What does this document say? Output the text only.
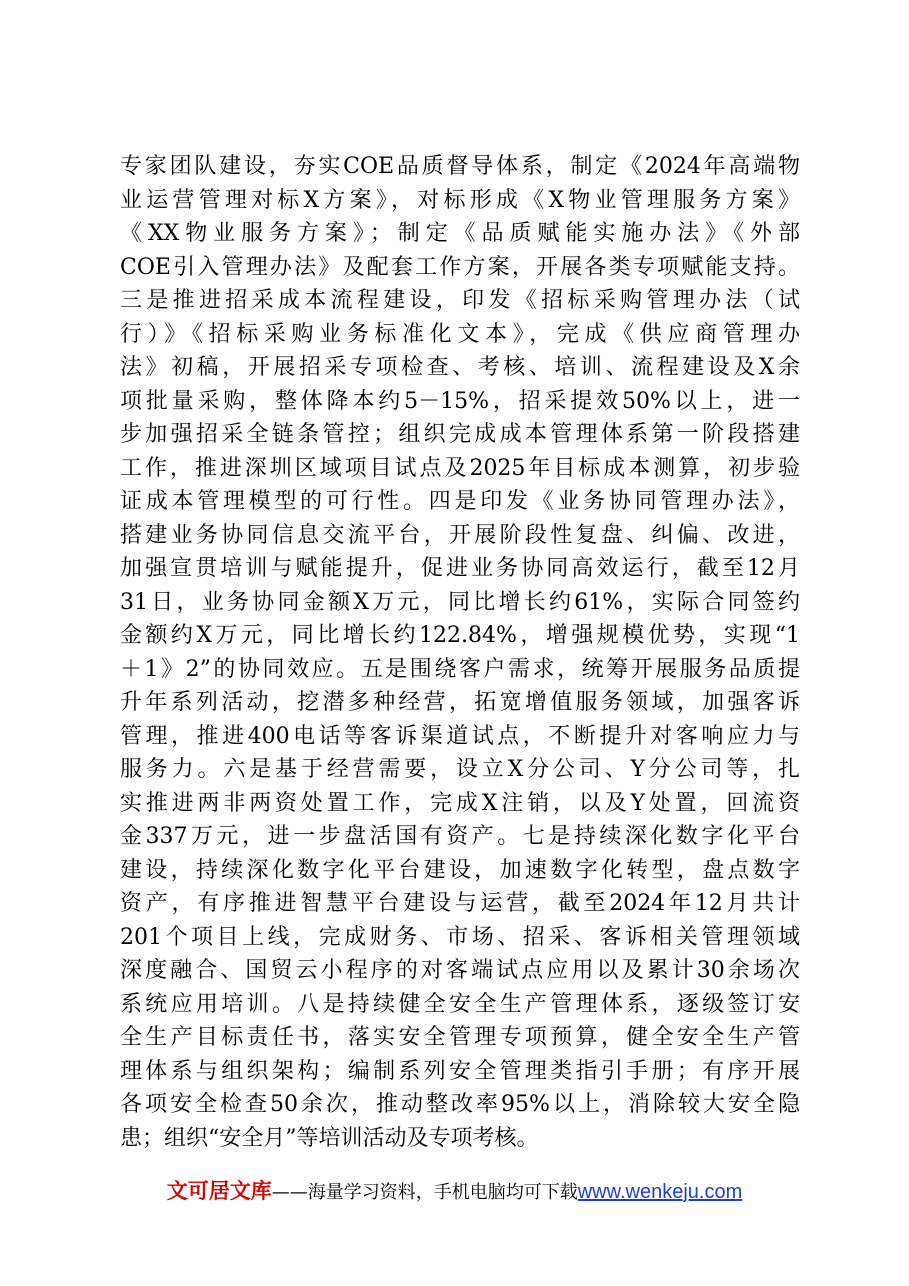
专家团队建设，夯实COE品质督导体系，制定《2024年高端物
业运营管理对标X方案》，对标形成《X物业管理服务方案》
《XX物业服务方案》；制定《品质赋能实施办法》《外部
COE引入管理办法》及配套工作方案，开展各类专项赋能支持。
三是推进招采成本流程建设，印发《招标采购管理办法（试
行）》《招标采购业务标准化文本》，完成《供应商管理办
法》初稿，开展招采专项检查、考核、培训、流程建设及X余
项批量采购，整体降本约5－15%，招采提效50%以上，进一
步加强招采全链条管控；组织完成成本管理体系第一阶段搭建
工作，推进深圳区域项目试点及2025年目标成本测算，初步验
证成本管理模型的可行性。四是印发《业务协同管理办法》，
搭建业务协同信息交流平台，开展阶段性复盘、纠偏、改进，
加强宣贯培训与赋能提升，促进业务协同高效运行，截至12月
31日，业务协同金额X万元，同比增长约61%，实际合同签约
金额约X万元，同比增长约122.84%，增强规模优势，实现“1
＋1》2”的协同效应。五是围绕客户需求，统筹开展服务品质提
升年系列活动，挖潜多种经营，拓宽增值服务领域，加强客诉
管理，推进400电话等客诉渠道试点，不断提升对客响应力与
服务力。六是基于经营需要，设立X分公司、Y分公司等，扎
实推进两非两资处置工作，完成X注销，以及Y处置，回流资
金337万元，进一步盘活国有资产。七是持续深化数字化平台
建设，持续深化数字化平台建设，加速数字化转型，盘点数字
资产，有序推进智慧平台建设与运营，截至2024年12月共计
201个项目上线，完成财务、市场、招采、客诉相关管理领域
深度融合、国贸云小程序的对客端试点应用以及累计30余场次
系统应用培训。八是持续健全安全生产管理体系，逐级签订安
全生产目标责任书，落实安全管理专项预算，健全安全生产管
理体系与组织架构；编制系列安全管理类指引手册；有序开展
各项安全检查50余次，推动整改率95%以上，消除较大安全隐
患；组织“安全月”等培训活动及专项考核。
文可居文库——海量学习资料，手机电脑均可下载www.wenkeju.com
